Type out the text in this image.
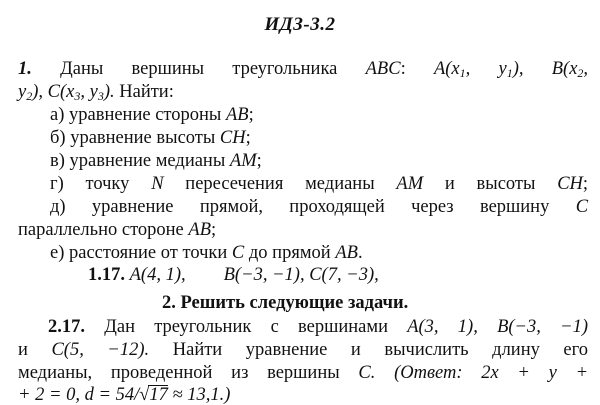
ИДЗ-3.2
1. Даны вершины треугольника ABC: $A(x_1$, $y_1$), $B(x_2$,
$y_2$), $C(x_3$, $y_3$). Найти:
а) уравнение стороны AB;
б) уравнение высоты CH;
в) уравнение медианы AM;
г) точку N пересечения медианы AM и высоты CH;
д) уравнение прямой, проходящей через вершину C
параллельно стороне AB;
е) расстояние от точки C до прямой AB.
1.17. A(4, 1), B(−3, −1), C(7, −3),
2. Решить следующие задачи.
2.17. Дан треугольник с вершинами A(3, 1), B(−3, −1)
и C(5, −12). Найти уравнение и вычислить длину его
медианы, проведенной из вершины C. (Ответ: 2x + y +
+ 2 = 0, d = 54/√17 ≈ 13,1.)
